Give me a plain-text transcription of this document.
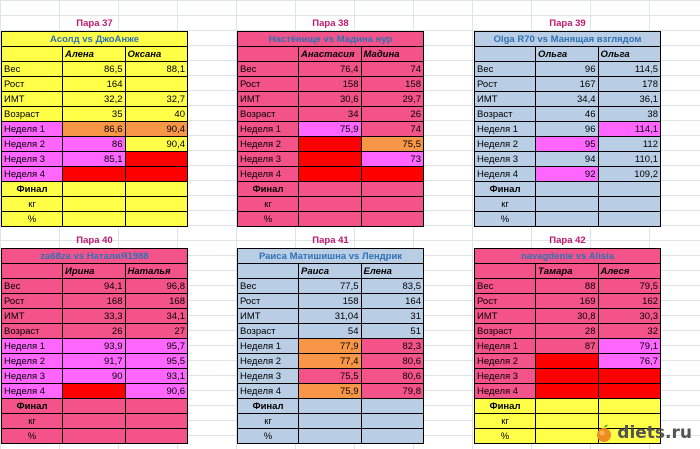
Пара 37
Асолд vs ДжоАнже
	Алена	Оксана
Вес	86,5	88,1
Рост	164	
ИМТ	32,2	32,7
Возраст	35	40
Неделя 1	86,6	90,4
Неделя 2	86	90,4
Неделя 3	85,1	
Неделя 4		
Финал		
кг		
%		
Пара 38
Настёнище vs Мадина нур
	Анастасия	Мадина
Вес	76,4	74
Рост	158	158
ИМТ	30,6	29,7
Возраст	34	26
Неделя 1	75,9	74
Неделя 2		75,5
Неделя 3		73
Неделя 4		
Финал		
кг		
%		
Пара 39
Olga R70 vs Манящая взглядом
	Ольга	Ольга
Вес	96	114,5
Рост	167	178
ИМТ	34,4	36,1
Возраст	46	38
Неделя 1	96	114,1
Неделя 2	95	112
Неделя 3	94	110,1
Неделя 4	92	109,2
Финал		
кг		
%		
Пара 40
za68za vs НаталиЯ1988
	Ирина	Наталья
Вес	94,1	96,8
Рост	168	168
ИМТ	33,3	34,1
Возраст	26	27
Неделя 1	93,9	95,7
Неделя 2	91,7	95,5
Неделя 3	90	93,1
Неделя 4		90,6
Финал		
кг		
%		
Пара 41
Раиса Матишишна vs Лендрик
	Раиса	Елена
Вес	77,5	83,5
Рост	158	164
ИМТ	31,04	31
Возраст	54	51
Неделя 1	77,9	82,3
Неделя 2	77,4	80,6
Неделя 3	75,5	80,6
Неделя 4	75,9	79,8
Финал		
кг		
%		
Пара 42
navagdenie vs Alisia
	Тамара	Алеся
Вес	88	79,5
Рост	169	162
ИМТ	30,8	30,3
Возраст	28	32
Неделя 1	87	79,1
Неделя 2		76,7
Неделя 3		
Неделя 4		
Финал		
кг		
%			diets.ru
